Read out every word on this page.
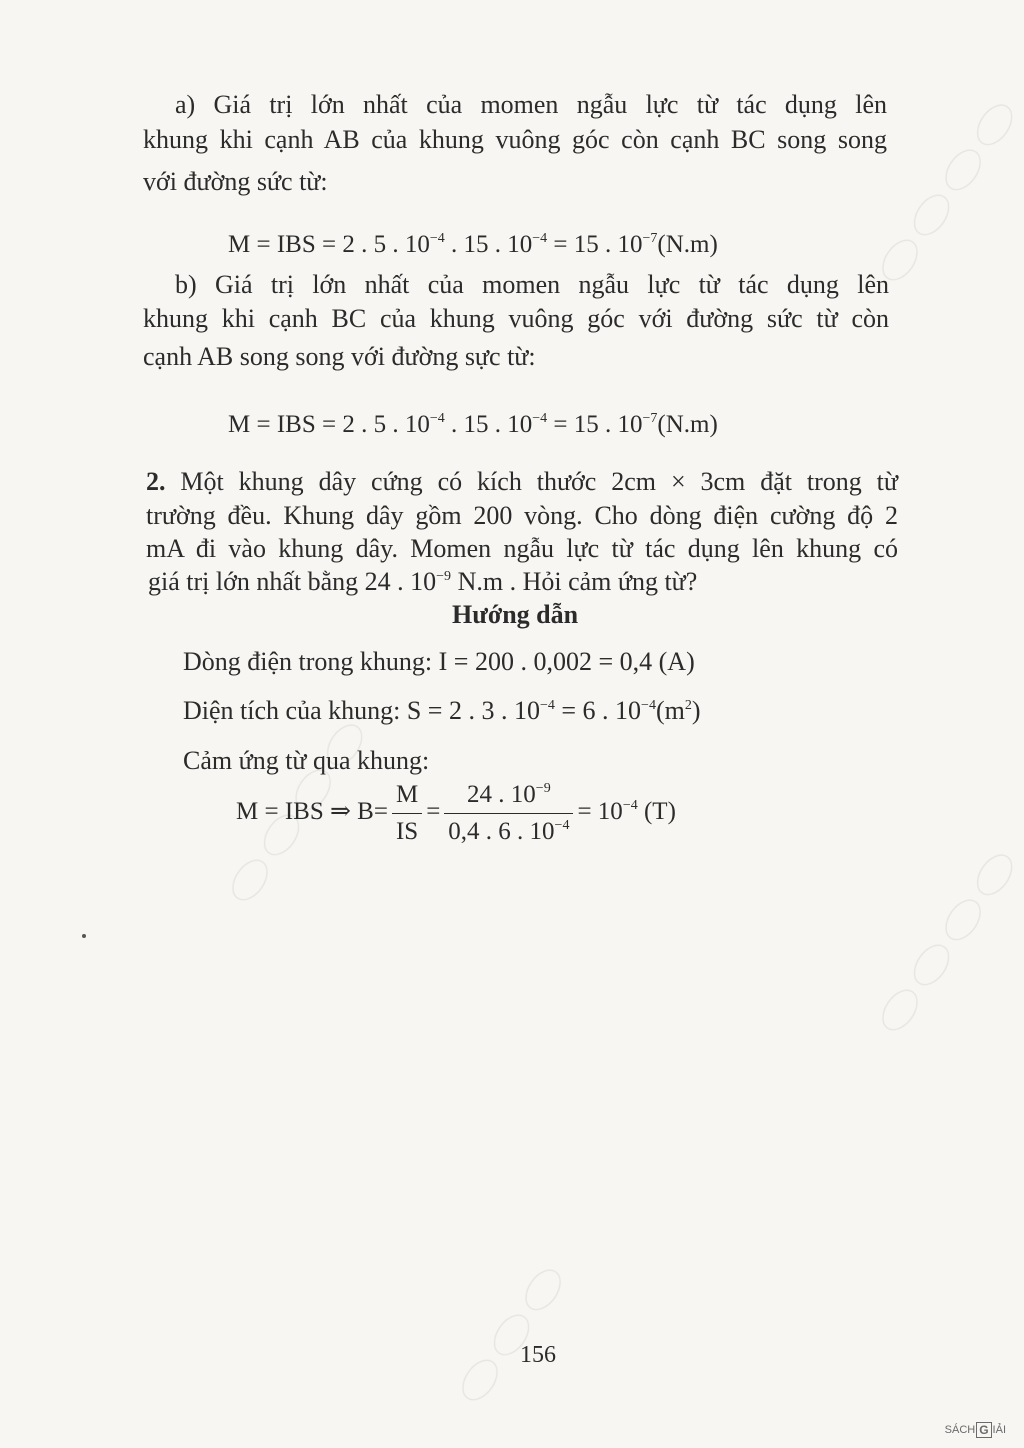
a) Giá trị lớn nhất của momen ngẫu lực từ tác dụng lên
khung khi cạnh AB của khung vuông góc còn cạnh BC song song
với đường sức từ:
M = IBS = 2 . 5 . $10^{-4}$ . 15 . $10^{-4} = 15$ . $10^{-7}(N.m)$
b) Giá trị lớn nhất của momen ngẫu lực từ tác dụng lên
khung khi cạnh BC của khung vuông góc với đường sức từ còn
cạnh AB song song với đường sực từ:
M = IBS = 2 . 5 . $10^{-4}$ . 15 . $10^{-4} = 15$ . $10^{-7}(N.m)$
2. Một khung dây cứng có kích thước 2cm × 3cm đặt trong từ
trường đều. Khung dây gồm 200 vòng. Cho dòng điện cường độ 2
mA đi vào khung dây. Momen ngẫu lực từ tác dụng lên khung có
giá trị lớn nhất bằng 24 . $10^{-9}$ N.m . Hỏi cảm ứng từ?
Hướng dẫn
Dòng điện trong khung: I = 200 . 0,002 = 0,4 (A)
Diện tích của khung: S = 2 . 3 . $10^{-4} = 6$ . $10^{-4}(m^2)$
Cảm ứng từ qua khung:
M = IBS ⇒ $B= \frac{M}{IS} = \frac{24 . 10^{-9}}{0,4 . 6 . 10^{-4}} = 10^{-4}$ (T)
156
SÁCH G IẢI
